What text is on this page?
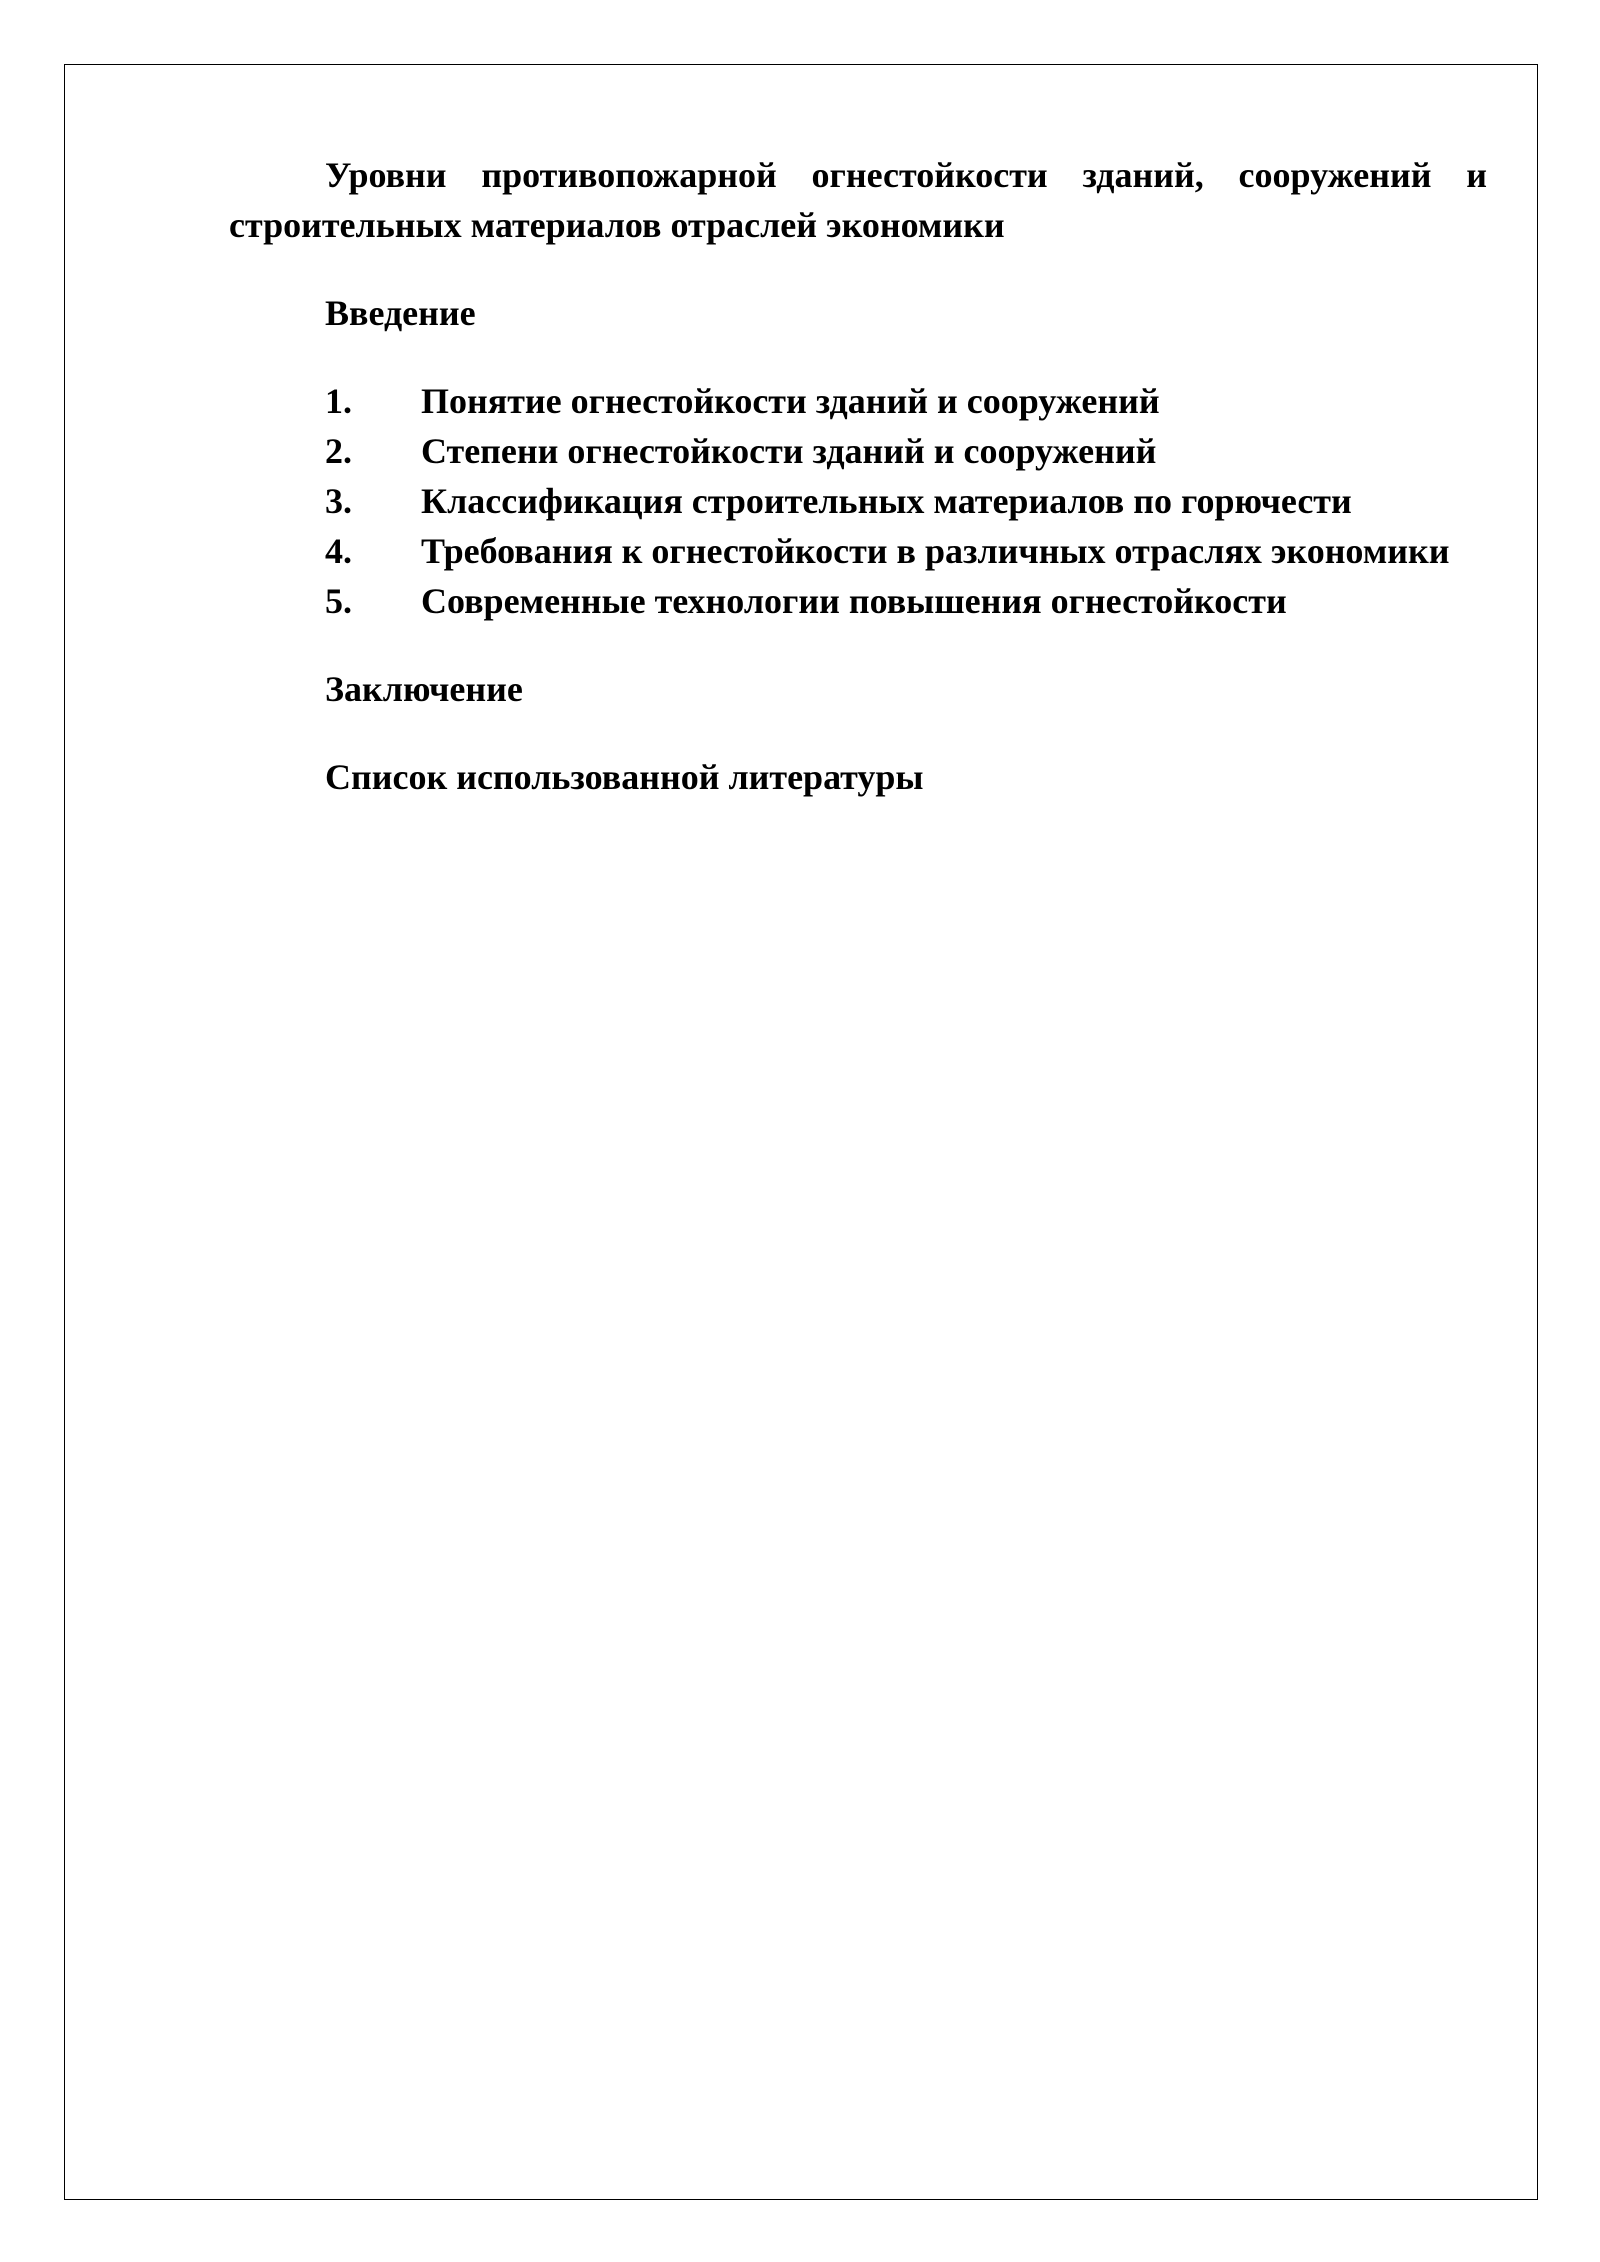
Уровни противопожарной огнестойкости зданий, сооружений и строительных материалов отраслей экономики
Введение
1. Понятие огнестойкости зданий и сооружений
2. Степени огнестойкости зданий и сооружений
3. Классификация строительных материалов по горючести
4. Требования к огнестойкости в различных отраслях экономики
5. Современные технологии повышения огнестойкости
Заключение
Список использованной литературы
